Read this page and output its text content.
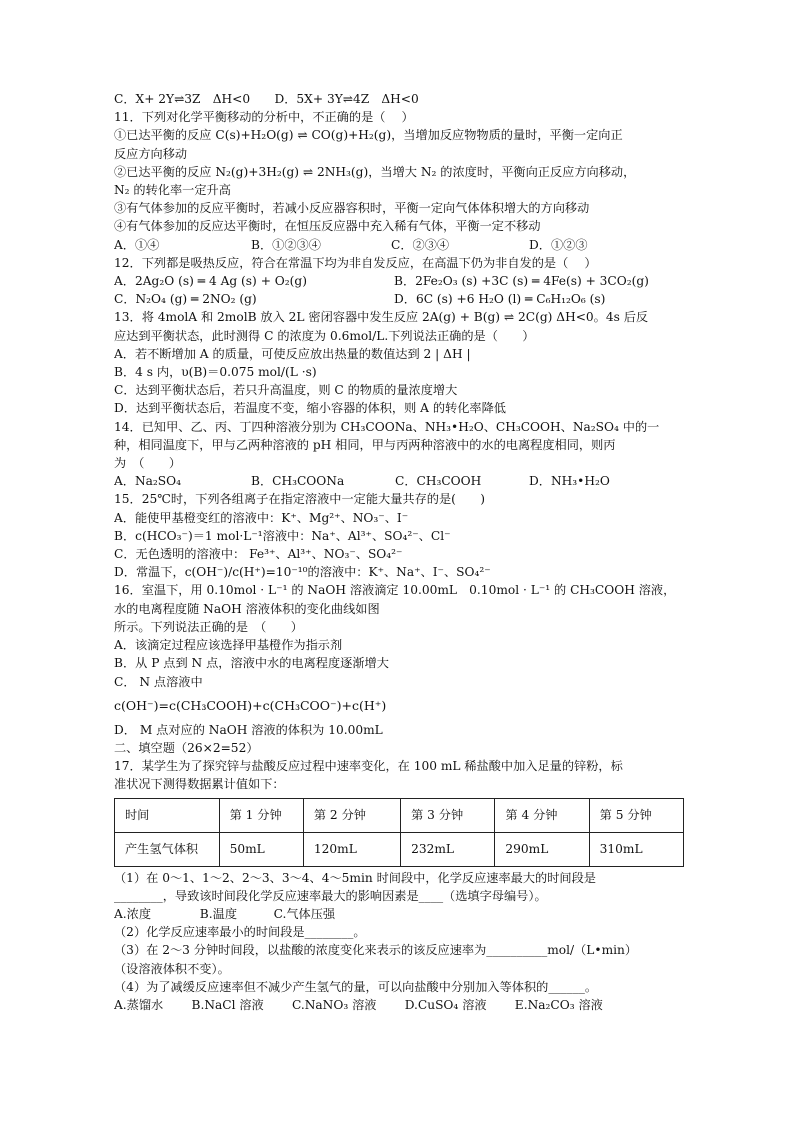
C．X+ 2Y⇌3Z　ΔH<0　　D．5X+ 3Y⇌4Z　ΔH<0
11．下列对化学平衡移动的分析中，不正确的是（　 ）
①已达平衡的反应 C(s)+H₂O(g) ⇌ CO(g)+H₂(g)，当增加反应物物质的量时，平衡一定向正
反应方向移动
②已达平衡的反应 N₂(g)+3H₂(g) ⇌ 2NH₃(g)，当增大 N₂ 的浓度时，平衡向正反应方向移动，
N₂ 的转化率一定升高
③有气体参加的反应平衡时，若减小反应器容积时，平衡一定向气体体积增大的方向移动
④有气体参加的反应达平衡时，在恒压反应器中充入稀有气体，平衡一定不移动
A．①④	B．①②③④	C．②③④	D．①②③
12．下列都是吸热反应，符合在常温下均为非自发反应，在高温下仍为非自发的是（　 ）
A．2Ag₂O (s) ═ 4 Ag (s) + O₂(g)	B．2Fe₂O₃ (s) +3C (s) ═ 4Fe(s) + 3CO₂(g)
C．N₂O₄ (g) ═ 2NO₂ (g)	D．6C (s) +6 H₂O (l) ═ C₆H₁₂O₆ (s)
13．将 4molA 和 2molB 放入 2L 密闭容器中发生反应 2A(g) + B(g) ⇌ 2C(g) ΔH<0。4s 后反
应达到平衡状态，此时测得 C 的浓度为 0.6mol/L.下列说法正确的是（　　）
A．若不断增加 A 的质量，可使反应放出热量的数值达到 2 | ΔH |
B．4 s 内，υ(B)＝0.075 mol/(L ·s)
C．达到平衡状态后，若只升高温度，则 C 的物质的量浓度增大
D．达到平衡状态后，若温度不变，缩小容器的体积，则 A 的转化率降低
14．已知甲、乙、丙、丁四种溶液分别为 CH₃COONa、NH₃•H₂O、CH₃COOH、Na₂SO₄ 中的一
种，相同温度下，甲与乙两种溶液的 pH 相同，甲与丙两种溶液中的水的电离程度相同，则丙
为　（　　）
A．Na₂SO₄	B．CH₃COONa	C．CH₃COOH	D．NH₃•H₂O
15．25℃时，下列各组离子在指定溶液中一定能大量共存的是(　　)
A．能使甲基橙变红的溶液中：K⁺、Mg²⁺、NO₃⁻、I⁻
B．c(HCO₃⁻)＝1 mol·L⁻¹溶液中：Na⁺、Al³⁺、SO₄²⁻、Cl⁻
C．无色透明的溶液中： Fe³⁺、Al³⁺、NO₃⁻、SO₄²⁻
D．常温下，c(OH⁻)/c(H⁺)=10⁻¹⁰的溶液中：K⁺、Na⁺、I⁻、SO₄²⁻
16．室温下，用 0.10mol · L⁻¹ 的 NaOH 溶液滴定 10.00mL　0.10mol · L⁻¹ 的 CH₃COOH 溶液，
水的电离程度随 NaOH 溶液体积的变化曲线如图
所示。下列说法正确的是　（　　）
A．该滴定过程应该选择甲基橙作为指示剂
B．从 P 点到 N 点，溶液中水的电离程度逐渐增大
C． N 点溶液中
c(OH⁻)=c(CH₃COOH)+c(CH₃COO⁻)+c(H⁺)
D． M 点对应的 NaOH 溶液的体积为 10.00mL
二、填空题（26×2=52）
17．某学生为了探究锌与盐酸反应过程中速率变化，在 100 mL 稀盐酸中加入足量的锌粉，标
准状况下测得数据累计值如下：
时间	第 1 分钟	第 2 分钟	第 3 分钟	第 4 分钟	第 5 分钟
产生氢气体积	50mL	120mL	232mL	290mL	310mL
（1）在 0～1、1～2、2～3、3～4、4～5min 时间段中，化学反应速率最大的时间段是
________，导致该时间段化学反应速率最大的影响因素是____（选填字母编号）。
A.浓度　　　　B.温度　　　C.气体压强
（2）化学反应速率最小的时间段是________。
（3）在 2～3 分钟时间段，以盐酸的浓度变化来表示的该反应速率为__________mol/（L•min）
（设溶液体积不变）。
（4）为了减缓反应速率但不减少产生氢气的量，可以向盐酸中分别加入等体积的______。
A.蒸馏水　　 B.NaCl 溶液　　 C.NaNO₃ 溶液　　 D.CuSO₄ 溶液　　 E.Na₂CO₃ 溶液
